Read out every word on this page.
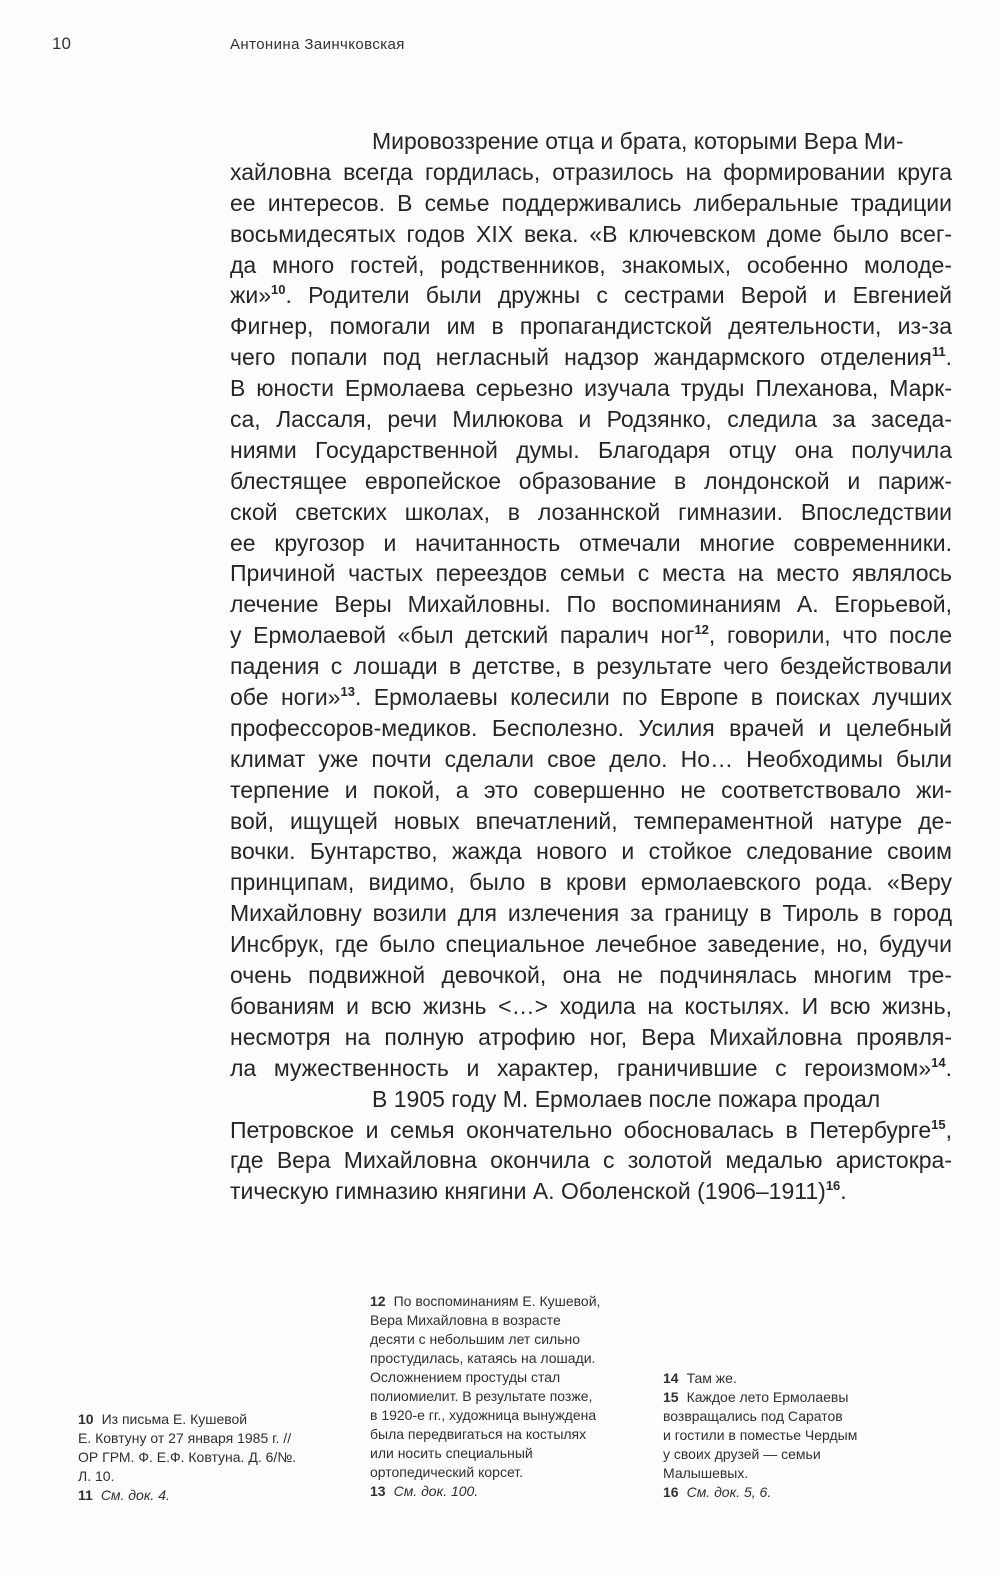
10	Антонина Заинчковская
Мировоззрение отца и брата, которыми Вера Ми-
хайловна всегда гордилась, отразилось на формировании круга
ее интересов. В семье поддерживались либеральные традиции
восьмидесятых годов XIX века. «В ключевском доме было всег-
да много гостей, родственников, знакомых, особенно молоде-
жи»$^{10}$. Родители были дружны с сестрами Верой и Евгенией
Фигнер, помогали им в пропагандистской деятельности, из-за
чего попали под негласный надзор жандармского отделения$^{11}$.
В юности Ермолаева серьезно изучала труды Плеханова, Марк-
са, Лассаля, речи Милюкова и Родзянко, следила за заседа-
ниями Государственной думы. Благодаря отцу она получила
блестящее европейское образование в лондонской и париж-
ской светских школах, в лозаннской гимназии. Впоследствии
ее кругозор и начитанность отмечали многие современники.
Причиной частых переездов семьи с места на место являлось
лечение Веры Михайловны. По воспоминаниям А. Егорьевой,
у Ермолаевой «был детский паралич ног$^{12}$, говорили, что после
падения с лошади в детстве, в результате чего бездействовали
обе ноги»$^{13}$. Ермолаевы колесили по Европе в поисках лучших
профессоров-медиков. Бесполезно. Усилия врачей и целебный
климат уже почти сделали свое дело. Но… Необходимы были
терпение и покой, а это совершенно не соответствовало жи-
вой, ищущей новых впечатлений, темпераментной натуре де-
вочки. Бунтарство, жажда нового и стойкое следование своим
принципам, видимо, было в крови ермолаевского рода. «Веру
Михайловну возили для излечения за границу в Тироль в город
Инсбрук, где было специальное лечебное заведение, но, будучи
очень подвижной девочкой, она не подчинялась многим тре-
бованиям и всю жизнь <…> ходила на костылях. И всю жизнь,
несмотря на полную атрофию ног, Вера Михайловна проявля-
ла мужественность и характер, граничившие с героизмом»$^{14}$.
В 1905 году М. Ермолаев после пожара продал
Петровское и семья окончательно обосновалась в Петербурге$^{15}$,
где Вера Михайловна окончила с золотой медалью аристокра-
тическую гимназию княгини А. Оболенской (1906–1911)$^{16}$.
10 Из письма Е. Кушевой
Е. Ковтуну от 27 января 1985 г. //
ОР ГРМ. Ф. Е.Ф. Ковтуна. Д. 6/№.
Л. 10.
11 См. док. 4.
12 По воспоминаниям Е. Кушевой,
Вера Михайловна в возрасте
десяти с небольшим лет сильно
простудилась, катаясь на лошади.
Осложнением простуды стал
полиомиелит. В результате позже,
в 1920-е гг., художница вынуждена
была передвигаться на костылях
или носить специальный
ортопедический корсет.
13 См. док. 100.
14 Там же.
15 Каждое лето Ермолаевы
возвращались под Саратов
и гостили в поместье Чердым
у своих друзей — семьи
Малышевых.
16 См. док. 5, 6.
